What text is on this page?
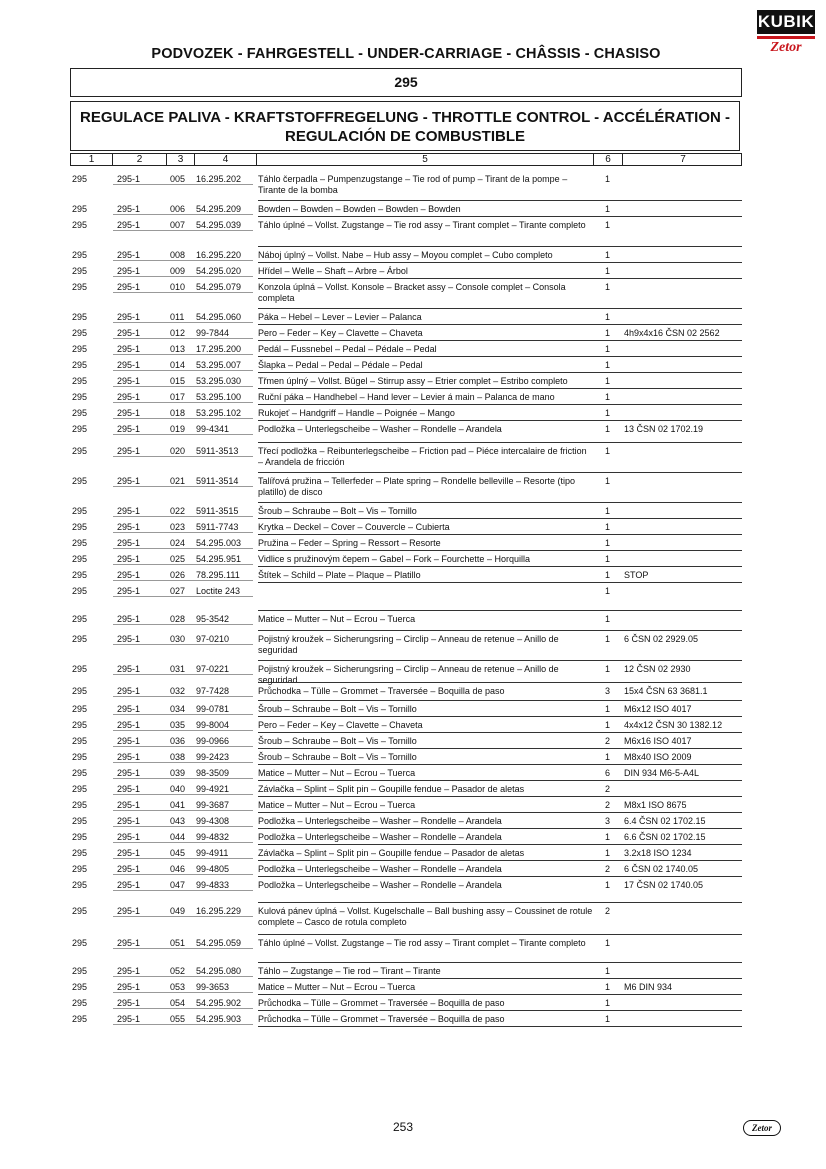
KUBIK
Zetor
PODVOZEK - FAHRGESTELL - UNDER-CARRIAGE - CHÂSSIS - CHASISO
295
REGULACE PALIVA - KRAFTSTOFFREGELUNG - THROTTLE CONTROL - ACCÉLÉRATION -
REGULACIÓN DE COMBUSTIBLE
1	2	3	4	5	6	7
295	295-1	005 16.295.202 Táhlo čerpadla – Pumpenzugstange – Tie rod of pump – Tirant de la pompe – Tirante de la bomba
1
295	295-1	006 54.295.209 Bowden – Bowden – Bowden – Bowden – Bowden	1
295	295-1	007 54.295.039 Táhlo úplné – Vollst. Zugstange – Tie rod assy – Tirant complet – Tirante completo	1
295	295-1	008 16.295.220 Náboj úplný – Vollst. Nabe – Hub assy – Moyou complet – Cubo completo	1
295	295-1	009 54.295.020 Hřídel – Welle – Shaft – Arbre – Árbol	1
295	295-1	010 54.295.079 Konzola úplná – Vollst. Konsole – Bracket assy – Console complet – Consola completa
1
295	295-1	011 54.295.060 Páka – Hebel – Lever – Levier – Palanca	1
295	295-1	012 99-7844	Pero – Feder – Key – Clavette – Chaveta	1 4h9x4x16 ČSN 02 2562
295	295-1	013 17.295.200 Pedál – Fussnebel – Pedal – Pédale – Pedal	1
295	295-1	014 53.295.007 Šlapka – Pedal – Pedal – Pédale – Pedal	1
295	295-1	015 53.295.030 Třmen úplný – Vollst. Bügel – Stirrup assy – Etrier complet – Estribo completo	1
295	295-1	017 53.295.100 Ruční páka – Handhebel – Hand lever – Levier á main – Palanca de mano	1
295	295-1	018 53.295.102 Rukojeť – Handgriff – Handle – Poignée – Mango	1
295	295-1	019 99-4341	Podložka – Unterlegscheibe – Washer – Rondelle – Arandela	1 13 ČSN 02 1702.19
295	295-1	020 5911-3513 Třecí podložka – Reibunterlegscheibe – Friction pad – Piéce intercalaire de friction – Arandela de fricción
1
295	295-1	021 5911-3514 Talířová pružina – Tellerfeder – Plate spring – Rondelle belleville – Resorte (tipo platillo) de disco
1
295	295-1	022 5911-3515 Šroub – Schraube – Bolt – Vis – Tornillo	1
295	295-1	023 5911-7743 Krytka – Deckel – Cover – Couvercle – Cubierta	1
295	295-1	024 54.295.003 Pružina – Feder – Spring – Ressort – Resorte	1
295	295-1	025 54.295.951 Vidlice s pružinovým čepem – Gabel – Fork – Fourchette – Horquilla	1
295	295-1	026 78.295.111 Štítek – Schild – Plate – Plaque – Platillo	1 STOP
295	295-1	027 Loctite 243	1
295	295-1	028 95-3542	Matice – Mutter – Nut – Ecrou – Tuerca	1
295	295-1	030 97-0210	Pojistný kroužek – Sicherungsring – Circlip – Anneau de retenue – Anillo de seguridad
1 6 ČSN 02 2929.05
295	295-1	031 97-0221	Pojistný kroužek – Sicherungsring – Circlip – Anneau de retenue – Anillo de seguridad
1 12 ČSN 02 2930
295	295-1	032 97-7428	Průchodka – Tülle – Grommet – Traversée – Boquilla de paso	3 15x4 ČSN 63 3681.1
295	295-1	034 99-0781	Šroub – Schraube – Bolt – Vis – Tornillo	1 M6x12 ISO 4017
295	295-1	035 99-8004	Pero – Feder – Key – Clavette – Chaveta	1 4x4x12 ČSN 30 1382.12
295	295-1	036 99-0966	Šroub – Schraube – Bolt – Vis – Tornillo	2 M6x16 ISO 4017
295	295-1	038 99-2423	Šroub – Schraube – Bolt – Vis – Tornillo	1 M8x40 ISO 2009
295	295-1	039 98-3509	Matice – Mutter – Nut – Ecrou – Tuerca	6 DIN 934 M6-5-A4L
295	295-1	040 99-4921	Závlačka – Splint – Split pin – Goupille fendue – Pasador de aletas	2
295	295-1	041 99-3687	Matice – Mutter – Nut – Ecrou – Tuerca	2 M8x1 ISO 8675
295	295-1	043 99-4308	Podložka – Unterlegscheibe – Washer – Rondelle – Arandela	3 6.4 ČSN 02 1702.15
295	295-1	044 99-4832	Podložka – Unterlegscheibe – Washer – Rondelle – Arandela	1 6.6 ČSN 02 1702.15
295	295-1	045 99-4911	Závlačka – Splint – Split pin – Goupille fendue – Pasador de aletas	1 3.2x18 ISO 1234
295	295-1	046 99-4805	Podložka – Unterlegscheibe – Washer – Rondelle – Arandela	2 6 ČSN 02 1740.05
295	295-1	047 99-4833	Podložka – Unterlegscheibe – Washer – Rondelle – Arandela	1 17 ČSN 02 1740.05
295	295-1	049 16.295.229 Kulová pánev úplná – Vollst. Kugelschalle – Ball bushing assy – Coussinet de rotule complete – Casco de rotula completo
2
295	295-1	051 54.295.059 Táhlo úplné – Vollst. Zugstange – Tie rod assy – Tirant complet – Tirante completo	1
295	295-1	052 54.295.080 Táhlo – Zugstange – Tie rod – Tirant – Tirante	1
295	295-1	053 99-3653	Matice – Mutter – Nut – Ecrou – Tuerca	1 M6 DIN 934
295	295-1	054 54.295.902 Průchodka – Tülle – Grommet – Traversée – Boquilla de paso	1
295	295-1	055 54.295.903 Průchodka – Tülle – Grommet – Traversée – Boquilla de paso	1
253	Zetor
